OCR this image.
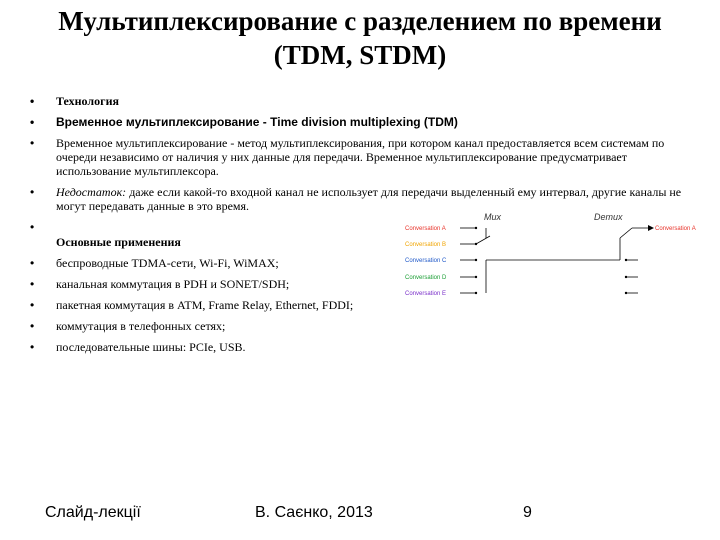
Мультиплексирование с разделением по времени (TDM, STDM)
• Технология
• Временное мультиплексирование - Time division multiplexing (TDM)
• Временное мультиплексирование - метод мультиплексирования, при котором канал предоставляется всем системам по очереди независимо от наличия у них данные для передачи. Временное мультиплексирование предусматривает использование мультиплексора.
• Недостаток: даже если какой-то входной канал не использует для передачи выделенный ему интервал, другие каналы не могут передавать данные в это время.
•
Основные применения
• беспроводные TDMA-сети, Wi-Fi, WiMAX;
• канальная коммутация в PDH и SONET/SDH;
• пакетная коммутация в ATM, Frame Relay, Ethernet, FDDI;
• коммутация в телефонных сетях;
• последовательные шины: PCIe, USB.
Mux	Demux
Conversation A
Conversation B
Conversation C
Conversation D
Conversation E
Conversation A
Слайд-лекції	В. Саєнко, 2013	9
